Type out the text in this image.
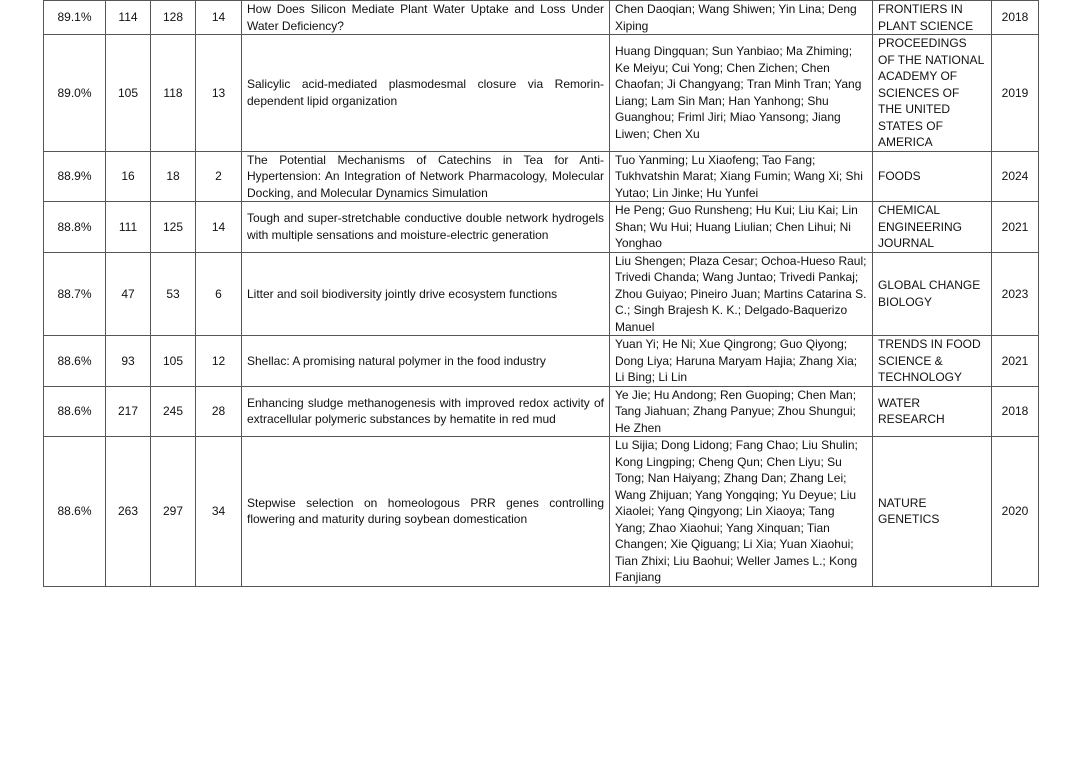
89.1%	114	128	14	How Does Silicon Mediate Plant Water Uptake and Loss Under Water Deficiency?	Chen Daoqian; Wang Shiwen; Yin Lina; Deng Xiping	FRONTIERS IN PLANT SCIENCE	2018
89.0%	105	118	13	Salicylic acid-mediated plasmodesmal closure via Remorin-dependent lipid organization	Huang Dingquan; Sun Yanbiao; Ma Zhiming; Ke Meiyu; Cui Yong; Chen Zichen; Chen Chaofan; Ji Changyang; Tran Minh Tran; Yang Liang; Lam Sin Man; Han Yanhong; Shu Guanghou; Friml Jiri; Miao Yansong; Jiang Liwen; Chen Xu	PROCEEDINGS OF THE NATIONAL ACADEMY OF SCIENCES OF THE UNITED STATES OF AMERICA	2019
88.9%	16	18	2	The Potential Mechanisms of Catechins in Tea for Anti-Hypertension: An Integration of Network Pharmacology, Molecular Docking, and Molecular Dynamics Simulation	Tuo Yanming; Lu Xiaofeng; Tao Fang; Tukhvatshin Marat; Xiang Fumin; Wang Xi; Shi Yutao; Lin Jinke; Hu Yunfei	FOODS	2024
88.8%	111	125	14	Tough and super-stretchable conductive double network hydrogels with multiple sensations and moisture-electric generation	He Peng; Guo Runsheng; Hu Kui; Liu Kai; Lin Shan; Wu Hui; Huang Liulian; Chen Lihui; Ni Yonghao	CHEMICAL ENGINEERING JOURNAL	2021
88.7%	47	53	6	Litter and soil biodiversity jointly drive ecosystem functions	Liu Shengen; Plaza Cesar; Ochoa-Hueso Raul; Trivedi Chanda; Wang Juntao; Trivedi Pankaj; Zhou Guiyao; Pineiro Juan; Martins Catarina S. C.; Singh Brajesh K. K.; Delgado-Baquerizo Manuel	GLOBAL CHANGE BIOLOGY	2023
88.6%	93	105	12	Shellac: A promising natural polymer in the food industry	Yuan Yi; He Ni; Xue Qingrong; Guo Qiyong; Dong Liya; Haruna Maryam Hajia; Zhang Xia; Li Bing; Li Lin	TRENDS IN FOOD SCIENCE & TECHNOLOGY	2021
88.6%	217	245	28	Enhancing sludge methanogenesis with improved redox activity of extracellular polymeric substances by hematite in red mud	Ye Jie; Hu Andong; Ren Guoping; Chen Man; Tang Jiahuan; Zhang Panyue; Zhou Shungui; He Zhen	WATER RESEARCH	2018
88.6%	263	297	34	Stepwise selection on homeologous PRR genes controlling flowering and maturity during soybean domestication	Lu Sijia; Dong Lidong; Fang Chao; Liu Shulin; Kong Lingping; Cheng Qun; Chen Liyu; Su Tong; Nan Haiyang; Zhang Dan; Zhang Lei; Wang Zhijuan; Yang Yongqing; Yu Deyue; Liu Xiaolei; Yang Qingyong; Lin Xiaoya; Tang Yang; Zhao Xiaohui; Yang Xinquan; Tian Changen; Xie Qiguang; Li Xia; Yuan Xiaohui; Tian Zhixi; Liu Baohui; Weller James L.; Kong Fanjiang	NATURE GENETICS	2020
